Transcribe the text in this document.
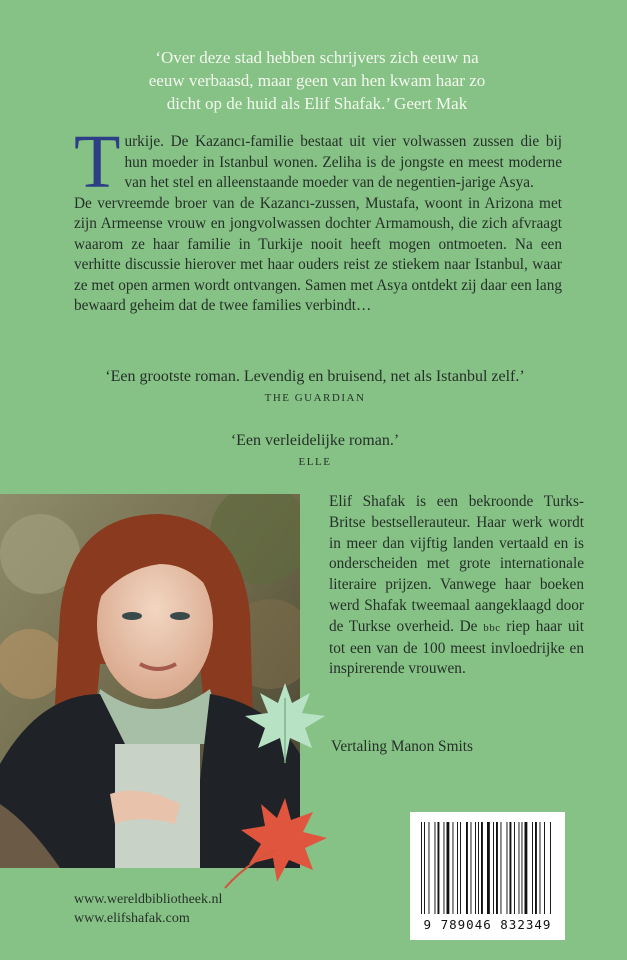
‘Over deze stad hebben schrijvers zich eeuw na
eeuw verbaasd, maar geen van hen kwam haar zo
dicht op de huid als Elif Shafak.’ Geert Mak
T urkije. De Kazancı-familie bestaat uit vier volwassen zussen die bij hun moeder in Istanbul wonen. Zeliha is de jongste en meest moderne van het stel en alleenstaande moeder van de negentien-jarige Asya.

De vervreemde broer van de Kazancı-zussen, Mustafa, woont in Arizona met zijn Armeense vrouw en jongvolwassen dochter Armamoush, die zich afvraagt waarom ze haar familie in Turkije nooit heeft mogen ontmoeten. Na een verhitte discussie hierover met haar ouders reist ze stiekem naar Istanbul, waar ze met open armen wordt ontvangen. Samen met Asya ontdekt zij daar een lang bewaard geheim dat de twee families verbindt…

‘Een grootste roman. Levendig en bruisend, net als Istanbul zelf.’
THE GUARDIAN
‘Een verleidelijke roman.’
ELLE
Elif Shafak is een bekroonde Turks-Britse bestsellerauteur. Haar werk wordt in meer dan vijftig landen vertaald en is onderscheiden met grote internationale literaire prijzen. Vanwege haar boeken werd Shafak tweemaal aangeklaagd door de Turkse overheid. De bbc riep haar uit tot een van de 100 meest invloedrijke en inspirerende vrouwen.
Vertaling Manon Smits
www.wereldbibliotheek.nl
www.elifshafak.com	9 789046 832349
